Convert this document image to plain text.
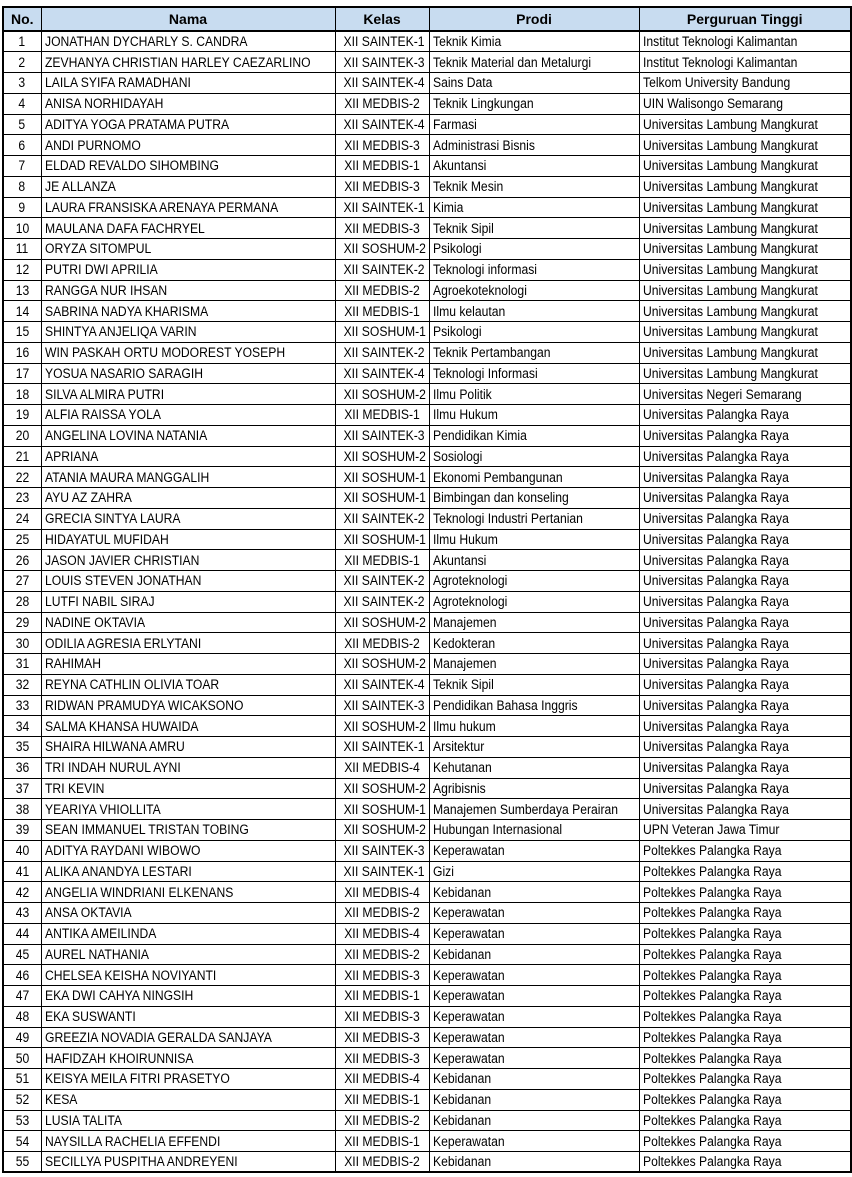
No.	Nama	Kelas	Prodi	Perguruan Tinggi
1	JONATHAN DYCHARLY S. CANDRA	XII SAINTEK-1	Teknik Kimia	Institut Teknologi Kalimantan
2	ZEVHANYA CHRISTIAN HARLEY CAEZARLINO	XII SAINTEK-3	Teknik Material dan Metalurgi	Institut Teknologi Kalimantan
3	LAILA SYIFA RAMADHANI	XII SAINTEK-4	Sains Data	Telkom University Bandung
4	ANISA NORHIDAYAH	XII MEDBIS-2	Teknik Lingkungan	UIN Walisongo Semarang
5	ADITYA YOGA PRATAMA PUTRA	XII SAINTEK-4	Farmasi	Universitas Lambung Mangkurat
6	ANDI PURNOMO	XII MEDBIS-3	Administrasi Bisnis	Universitas Lambung Mangkurat
7	ELDAD REVALDO SIHOMBING	XII MEDBIS-1	Akuntansi	Universitas Lambung Mangkurat
8	JE ALLANZA	XII MEDBIS-3	Teknik Mesin	Universitas Lambung Mangkurat
9	LAURA FRANSISKA ARENAYA PERMANA	XII SAINTEK-1	Kimia	Universitas Lambung Mangkurat
10	MAULANA DAFA FACHRYEL	XII MEDBIS-3	Teknik Sipil	Universitas Lambung Mangkurat
11	ORYZA SITOMPUL	XII SOSHUM-2	Psikologi	Universitas Lambung Mangkurat
12	PUTRI DWI APRILIA	XII SAINTEK-2	Teknologi informasi	Universitas Lambung Mangkurat
13	RANGGA NUR IHSAN	XII MEDBIS-2	Agroekoteknologi	Universitas Lambung Mangkurat
14	SABRINA NADYA KHARISMA	XII MEDBIS-1	Ilmu kelautan	Universitas Lambung Mangkurat
15	SHINTYA ANJELIQA VARIN	XII SOSHUM-1	Psikologi	Universitas Lambung Mangkurat
16	WIN PASKAH ORTU MODOREST YOSEPH	XII SAINTEK-2	Teknik Pertambangan	Universitas Lambung Mangkurat
17	YOSUA NASARIO SARAGIH	XII SAINTEK-4	Teknologi Informasi	Universitas Lambung Mangkurat
18	SILVA ALMIRA PUTRI	XII SOSHUM-2	Ilmu Politik	Universitas Negeri Semarang
19	ALFIA RAISSA YOLA	XII MEDBIS-1	Ilmu Hukum	Universitas Palangka Raya
20	ANGELINA LOVINA NATANIA	XII SAINTEK-3	Pendidikan Kimia	Universitas Palangka Raya
21	APRIANA	XII SOSHUM-2	Sosiologi	Universitas Palangka Raya
22	ATANIA MAURA MANGGALIH	XII SOSHUM-1	Ekonomi Pembangunan	Universitas Palangka Raya
23	AYU AZ ZAHRA	XII SOSHUM-1	Bimbingan dan konseling	Universitas Palangka Raya
24	GRECIA SINTYA LAURA	XII SAINTEK-2	Teknologi Industri Pertanian	Universitas Palangka Raya
25	HIDAYATUL MUFIDAH	XII SOSHUM-1	Ilmu Hukum	Universitas Palangka Raya
26	JASON JAVIER CHRISTIAN	XII MEDBIS-1	Akuntansi	Universitas Palangka Raya
27	LOUIS STEVEN JONATHAN	XII SAINTEK-2	Agroteknologi	Universitas Palangka Raya
28	LUTFI NABIL SIRAJ	XII SAINTEK-2	Agroteknologi	Universitas Palangka Raya
29	NADINE OKTAVIA	XII SOSHUM-2	Manajemen	Universitas Palangka Raya
30	ODILIA AGRESIA ERLYTANI	XII MEDBIS-2	Kedokteran	Universitas Palangka Raya
31	RAHIMAH	XII SOSHUM-2	Manajemen	Universitas Palangka Raya
32	REYNA CATHLIN OLIVIA TOAR	XII SAINTEK-4	Teknik Sipil	Universitas Palangka Raya
33	RIDWAN PRAMUDYA WICAKSONO	XII SAINTEK-3	Pendidikan Bahasa Inggris	Universitas Palangka Raya
34	SALMA KHANSA HUWAIDA	XII SOSHUM-2	Ilmu hukum	Universitas Palangka Raya
35	SHAIRA HILWANA AMRU	XII SAINTEK-1	Arsitektur	Universitas Palangka Raya
36	TRI INDAH NURUL AYNI	XII MEDBIS-4	Kehutanan	Universitas Palangka Raya
37	TRI KEVIN	XII SOSHUM-2	Agribisnis	Universitas Palangka Raya
38	YEARIYA VHIOLLITA	XII SOSHUM-1	Manajemen Sumberdaya Perairan	Universitas Palangka Raya
39	SEAN IMMANUEL TRISTAN TOBING	XII SOSHUM-2	Hubungan Internasional	UPN Veteran Jawa Timur
40	ADITYA RAYDANI WIBOWO	XII SAINTEK-3	Keperawatan	Poltekkes Palangka Raya
41	ALIKA ANANDYA LESTARI	XII SAINTEK-1	Gizi	Poltekkes Palangka Raya
42	ANGELIA WINDRIANI ELKENANS	XII MEDBIS-4	Kebidanan	Poltekkes Palangka Raya
43	ANSA OKTAVIA	XII MEDBIS-2	Keperawatan	Poltekkes Palangka Raya
44	ANTIKA AMEILINDA	XII MEDBIS-4	Keperawatan	Poltekkes Palangka Raya
45	AUREL NATHANIA	XII MEDBIS-2	Kebidanan	Poltekkes Palangka Raya
46	CHELSEA KEISHA NOVIYANTI	XII MEDBIS-3	Keperawatan	Poltekkes Palangka Raya
47	EKA DWI CAHYA NINGSIH	XII MEDBIS-1	Keperawatan	Poltekkes Palangka Raya
48	EKA SUSWANTI	XII MEDBIS-3	Keperawatan	Poltekkes Palangka Raya
49	GREEZIA NOVADIA GERALDA SANJAYA	XII MEDBIS-3	Keperawatan	Poltekkes Palangka Raya
50	HAFIDZAH KHOIRUNNISA	XII MEDBIS-3	Keperawatan	Poltekkes Palangka Raya
51	KEISYA MEILA FITRI PRASETYO	XII MEDBIS-4	Kebidanan	Poltekkes Palangka Raya
52	KESA	XII MEDBIS-1	Kebidanan	Poltekkes Palangka Raya
53	LUSIA TALITA	XII MEDBIS-2	Kebidanan	Poltekkes Palangka Raya
54	NAYSILLA RACHELIA EFFENDI	XII MEDBIS-1	Keperawatan	Poltekkes Palangka Raya
55	SECILLYA PUSPITHA ANDREYENI	XII MEDBIS-2	Kebidanan	Poltekkes Palangka Raya
